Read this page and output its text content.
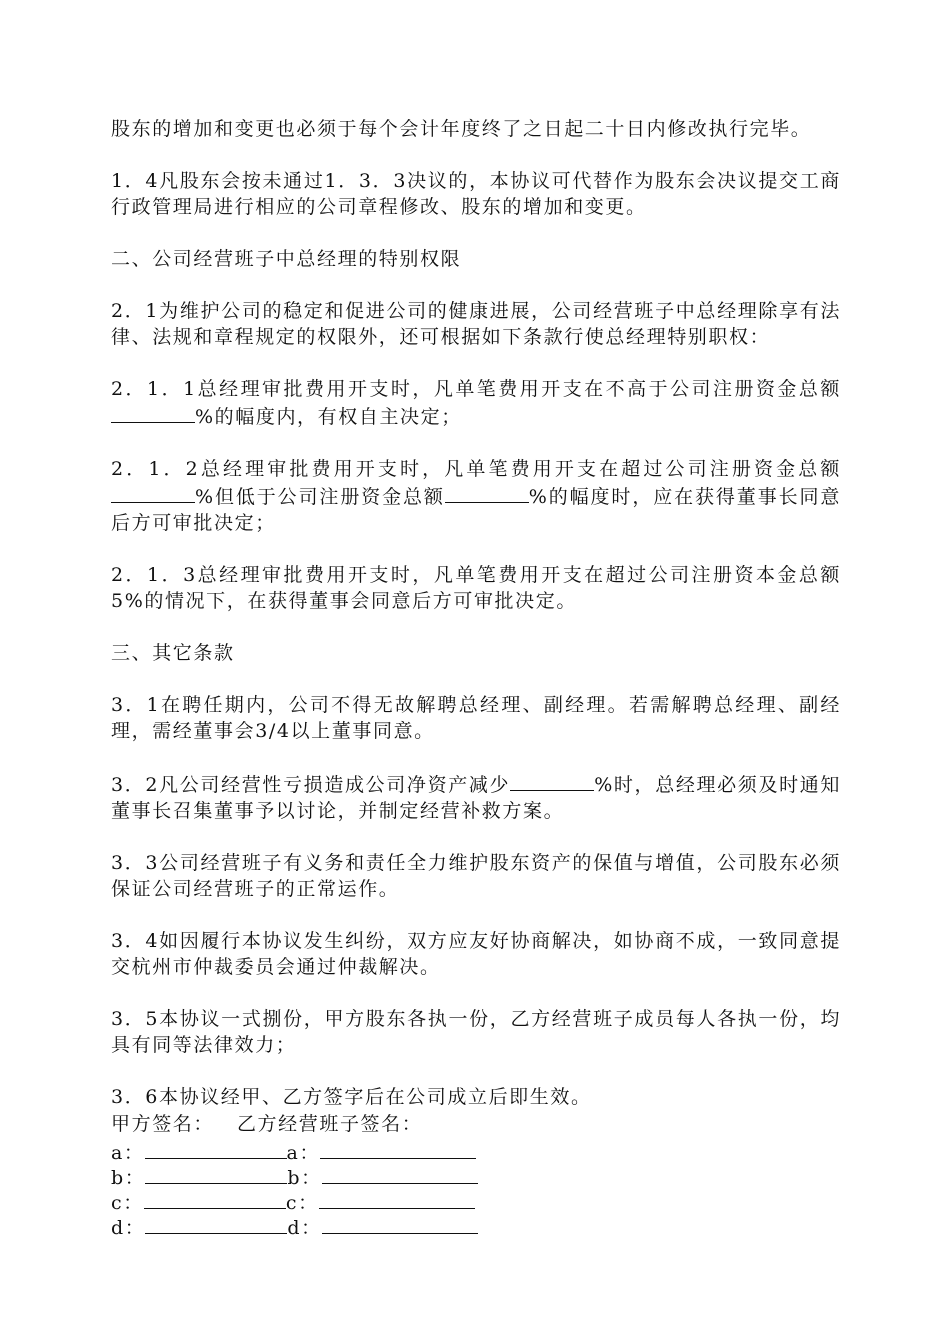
股东的增加和变更也必须于每个会计年度终了之日起二十日内修改执行完毕。

1．4凡股东会按未通过1．3．3决议的，本协议可代替作为股东会决议提交工商行政管理局进行相应的公司章程修改、股东的增加和变更。

二、公司经营班子中总经理的特别权限

2．1为维护公司的稳定和促进公司的健康进展，公司经营班子中总经理除享有法律、法规和章程规定的权限外，还可根据如下条款行使总经理特别职权：

2．1．1总经理审批费用开支时，凡单笔费用开支在不高于公司注册资金总额%的幅度内，有权自主决定；

2．1．2总经理审批费用开支时，凡单笔费用开支在超过公司注册资金总额%但低于公司注册资金总额	%的幅度时，应在获得董事长同意后方可审批决定；

2．1．3总经理审批费用开支时，凡单笔费用开支在超过公司注册资本金总额5%的情况下，在获得董事会同意后方可审批决定。

三、其它条款

3．1在聘任期内，公司不得无故解聘总经理、副经理。若需解聘总经理、副经理，需经董事会3/4以上董事同意。

3．2凡公司经营性亏损造成公司净资产减少	%时，总经理必须及时通知董事长召集董事予以讨论，并制定经营补救方案。

3．3公司经营班子有义务和责任全力维护股东资产的保值与增值，公司股东必须保证公司经营班子的正常运作。

3．4如因履行本协议发生纠纷，双方应友好协商解决，如协商不成，一致同意提交杭州市仲裁委员会通过仲裁解决。

3．5本协议一式捌份，甲方股东各执一份，乙方经营班子成员每人各执一份，均具有同等法律效力；

3．6本协议经甲、乙方签字后在公司成立后即生效。

甲方签名： 乙方经营班子签名：
a：	a：
b：	b：
c：	c：
d：	d：
